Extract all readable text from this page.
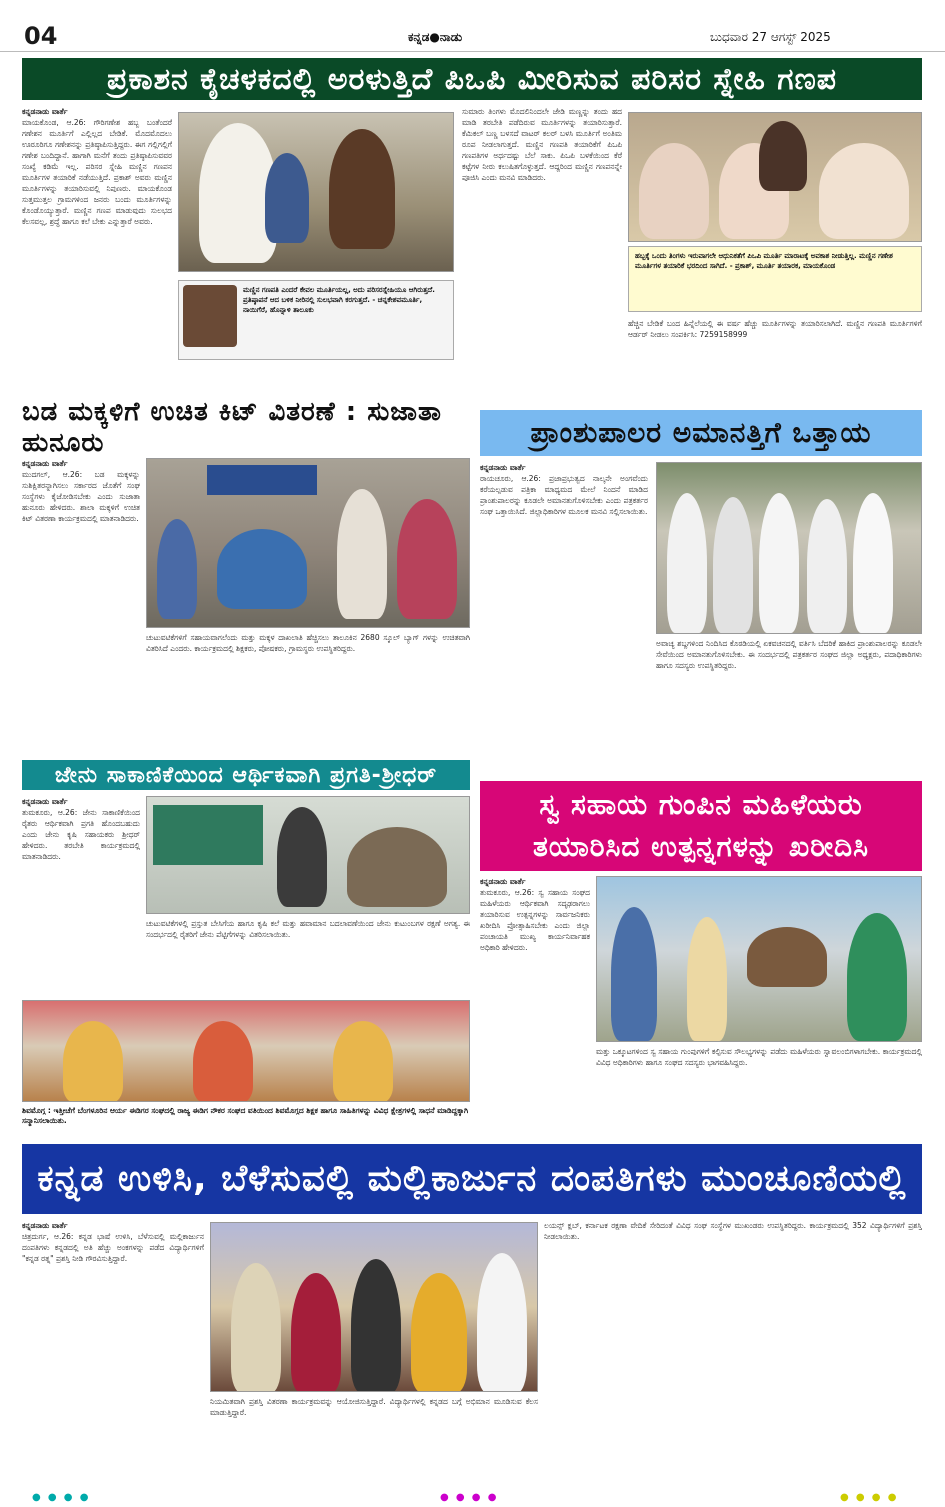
04	ಕನ್ನಡ●ನಾಡು	ಬುಧವಾರ 27 ಆಗಸ್ಟ್ 2025
ಪ್ರಕಾಶನ ಕೈಚಳಕದಲ್ಲಿ ಅರಳುತ್ತಿದೆ ಪಿಒಪಿ ಮೀರಿಸುವ ಪರಿಸರ ಸ್ನೇಹಿ ಗಣಪ
ಕನ್ನಡನಾಡು ವಾರ್ತೆ
ಮಾಯಕೊಂಡ, ಆ.26: ಗೌರಿಗಣೇಶ ಹಬ್ಬ ಬಂತೆಂದರೆ ಗಣೇಶನ ಮೂರ್ತಿಗೆ ಎಲ್ಲಿಲ್ಲದ ಬೇಡಿಕೆ. ಮೊದಮೊದಲು ಊರೂರಿಗೂ ಗಣೇಶನನ್ನು ಪ್ರತಿಷ್ಠಾಪಿಸುತ್ತಿದ್ದರು. ಈಗ ಗಲ್ಲಿಗಲ್ಲಿಗೆ ಗಣೇಶ ಬಂದಿದ್ದಾನೆ. ಹಾಗಾಗಿ ಮನೆಗೆ ತಂದು ಪ್ರತಿಷ್ಠಾಪಿಸುವವರ ಸಂಖ್ಯೆ ಕಡಿಮೆ ಇಲ್ಲ. ಪರಿಸರ ಸ್ನೇಹಿ ಮಣ್ಣಿನ ಗಣಪನ ಮೂರ್ತಿಗಳ ತಯಾರಿಕೆ ನಡೆಯುತ್ತಿದೆ. ಪ್ರಕಾಶ್ ಅವರು ಮಣ್ಣಿನ ಮೂರ್ತಿಗಳನ್ನು ತಯಾರಿಸುವಲ್ಲಿ ನಿಪುಣರು. ಮಾಯಕೊಂಡ ಸುತ್ತಮುತ್ತಲ ಗ್ರಾಮಗಳಿಂದ ಜನರು ಬಂದು ಮೂರ್ತಿಗಳನ್ನು ಕೊಂಡೊಯ್ಯುತ್ತಾರೆ. ಮಣ್ಣಿನ ಗಣಪ ಮಾಡುವುದು ಸುಲಭದ ಕೆಲಸವಲ್ಲ, ಶ್ರದ್ಧೆ ಹಾಗೂ ಕಲೆ ಬೇಕು ಎನ್ನುತ್ತಾರೆ ಅವರು.
ಮಣ್ಣಿನ ಗಣಪತಿ ಎಂದರೆ ಕೇವಲ ಮೂರ್ತಿಯಲ್ಲ, ಅದು ಪರಿಸರಸ್ನೇಹಿಯೂ ಆಗಿರುತ್ತದೆ. ಪ್ರತಿಷ್ಠಾಪನೆ ಆದ ಬಳಿಕ ನೀರಿನಲ್ಲಿ ಸುಲಭವಾಗಿ ಕರಗುತ್ತದೆ. - ಚನ್ನಕೇಶವಮೂರ್ತಿ, ನಾಯಿಗೆರೆ, ಹೊನ್ನಾಳಿ ತಾಲೂಕು
ಸುಮಾರು ತಿಂಗಳು ಮೊದಲಿನಿಂದಲೇ ಜೇಡಿ ಮಣ್ಣನ್ನು ತಂದು ಹದ ಮಾಡಿ ತರಬೇತಿ ಪಡೆದಿರುವ ಮೂರ್ತಿಗಳನ್ನು ತಯಾರಿಸುತ್ತಾರೆ. ಕೆಮಿಕಲ್ ಬಣ್ಣ ಬಳಸದೆ ವಾಟರ್ ಕಲರ್ ಬಳಸಿ ಮೂರ್ತಿಗೆ ಅಂತಿಮ ರೂಪ ನೀಡಲಾಗುತ್ತದೆ. ಮಣ್ಣಿನ ಗಣಪತಿ ತಯಾರಿಕೆಗೆ ಪಿಒಪಿ ಗಣಪತಿಗಳ ಅರ್ಧದಷ್ಟು ಬೆಲೆ ಸಾಕು. ಪಿಒಪಿ ಬಳಕೆಯಿಂದ ಕೆರೆ ಕಟ್ಟೆಗಳ ನೀರು ಕಲುಷಿತಗೊಳ್ಳುತ್ತದೆ. ಆದ್ದರಿಂದ ಮಣ್ಣಿನ ಗಣಪನನ್ನೇ ಪೂಜಿಸಿ ಎಂದು ಮನವಿ ಮಾಡಿದರು.
ಹಬ್ಬಕ್ಕೆ ಒಂದು ತಿಂಗಳು ಇರುವಾಗಲೇ ಆಧುನಿಕತೆಗೆ ಪಿಒಪಿ ಮೂರ್ತಿ ಮಾರಾಟಕ್ಕೆ ಅವಕಾಶ ನೀಡುತ್ತಿಲ್ಲ. ಮಣ್ಣಿನ ಗಣೇಶ ಮೂರ್ತಿಗಳ ತಯಾರಿಕೆ ಭರದಿಂದ ಸಾಗಿದೆ. - ಪ್ರಕಾಶ್, ಮೂರ್ತಿ ತಯಾರಕ, ಮಾಯಕೊಂಡ
ಹೆಚ್ಚಿನ ಬೇಡಿಕೆ ಬಂದ ಹಿನ್ನೆಲೆಯಲ್ಲಿ ಈ ವರ್ಷ ಹೆಚ್ಚು ಮೂರ್ತಿಗಳನ್ನು ತಯಾರಿಸಲಾಗಿದೆ. ಮಣ್ಣಿನ ಗಣಪತಿ ಮೂರ್ತಿಗಳಿಗೆ ಆರ್ಡರ್ ನೀಡಲು ಸಂಪರ್ಕಿಸಿ: 7259158999
ಬಡ ಮಕ್ಕಳಿಗೆ ಉಚಿತ ಕಿಟ್ ವಿತರಣೆ : ಸುಜಾತಾ ಹುನೂರು
ಕನ್ನಡನಾಡು ವಾರ್ತೆ
ಮುದಗಲ್, ಆ.26: ಬಡ ಮಕ್ಕಳನ್ನು ಸುಶಿಕ್ಷಿತರನ್ನಾಗಿಸಲು ಸರ್ಕಾರದ ಜೊತೆಗೆ ಸಂಘ ಸಂಸ್ಥೆಗಳು ಕೈಜೋಡಿಸಬೇಕು ಎಂದು ಸುಜಾತಾ ಹುನೂರು ಹೇಳಿದರು. ಶಾಲಾ ಮಕ್ಕಳಿಗೆ ಉಚಿತ ಕಿಟ್ ವಿತರಣಾ ಕಾರ್ಯಕ್ರಮದಲ್ಲಿ ಮಾತನಾಡಿದರು.
ಚುಟುವಟಿಕೆಗಳಿಗೆ ಸಹಾಯವಾಗಲೆಂದು ಮತ್ತು ಮಕ್ಕಳ ದಾಖಲಾತಿ ಹೆಚ್ಚಿಸಲು ತಾಲೂಕಿನ 2680 ಸ್ಕೂಲ್ ಬ್ಯಾಗ್ ಗಳನ್ನು ಉಚಿತವಾಗಿ ವಿತರಿಸಿದೆ ಎಂದರು. ಕಾರ್ಯಕ್ರಮದಲ್ಲಿ ಶಿಕ್ಷಕರು, ಪೋಷಕರು, ಗ್ರಾಮಸ್ಥರು ಉಪಸ್ಥಿತರಿದ್ದರು.
ಪ್ರಾಂಶುಪಾಲರ ಅಮಾನತ್ತಿಗೆ ಒತ್ತಾಯ
ಕನ್ನಡನಾಡು ವಾರ್ತೆ
ರಾಯಚೂರು, ಆ.26: ಪ್ರಜಾಪ್ರಭುತ್ವದ ನಾಲ್ಕನೇ ಅಂಗವೆಂದು ಕರೆಯಲ್ಪಡುವ ಪತ್ರಿಕಾ ಮಾಧ್ಯಮದ ಮೇಲೆ ನಿಂದನೆ ಮಾಡಿದ ಪ್ರಾಂಶುಪಾಲರನ್ನು ಕೂಡಲೇ ಅಮಾನತುಗೊಳಿಸಬೇಕು ಎಂದು ಪತ್ರಕರ್ತರ ಸಂಘ ಒತ್ತಾಯಿಸಿದೆ. ಜಿಲ್ಲಾಧಿಕಾರಿಗಳ ಮೂಲಕ ಮನವಿ ಸಲ್ಲಿಸಲಾಯಿತು.
ಅವಾಚ್ಯ ಶಬ್ದಗಳಿಂದ ನಿಂದಿಸಿದ ಕೊಠಡಿಯಲ್ಲಿ ಏಕವಚನದಲ್ಲಿ ವರ್ತಿಸಿ ಬೆದರಿಕೆ ಹಾಕಿದ ಪ್ರಾಂಶುಪಾಲರನ್ನು ಕೂಡಲೇ ಸೇವೆಯಿಂದ ಅಮಾನತುಗೊಳಿಸಬೇಕು. ಈ ಸಂದರ್ಭದಲ್ಲಿ ಪತ್ರಕರ್ತರ ಸಂಘದ ಜಿಲ್ಲಾ ಅಧ್ಯಕ್ಷರು, ಪದಾಧಿಕಾರಿಗಳು ಹಾಗೂ ಸದಸ್ಯರು ಉಪಸ್ಥಿತರಿದ್ದರು.
ಜೇನು ಸಾಕಾಣಿಕೆಯಿಂದ ಆರ್ಥಿಕವಾಗಿ ಪ್ರಗತಿ-ಶ್ರೀಧರ್
ಕನ್ನಡನಾಡು ವಾರ್ತೆ
ತುಮಕೂರು, ಆ.26: ಜೇನು ಸಾಕಾಣಿಕೆಯಿಂದ ರೈತರು ಆರ್ಥಿಕವಾಗಿ ಪ್ರಗತಿ ಹೊಂದಬಹುದು ಎಂದು ಜೇನು ಕೃಷಿ ಸಹಾಯಕರು ಶ್ರೀಧರ್ ಹೇಳಿದರು. ತರಬೇತಿ ಕಾರ್ಯಕ್ರಮದಲ್ಲಿ ಮಾತನಾಡಿದರು.
ಚುಟುವಟಿಕೆಗಳಲ್ಲಿ ಪ್ರಸ್ತುತ ಬೇಸಿಗೆಯ ಹಾಗೂ ಕೃಷಿ ಕಲೆ ಮತ್ತು ಹವಾಮಾನ ಬದಲಾವಣೆಯಿಂದ ಜೇನು ಕುಟುಂಬಗಳ ರಕ್ಷಣೆ ಅಗತ್ಯ. ಈ ಸಂದರ್ಭದಲ್ಲಿ ರೈತರಿಗೆ ಜೇನು ಪೆಟ್ಟಿಗೆಗಳನ್ನು ವಿತರಿಸಲಾಯಿತು.
ಶಿವಮೊಗ್ಗ : ಇತ್ತೀಚೆಗೆ ಬೆಂಗಳೂರಿನ ಆರ್ಯ ಈಡಿಗರ ಸಂಘದಲ್ಲಿ ರಾಜ್ಯ ಈಡಿಗ ನೌಕರ ಸಂಘದ ವತಿಯಿಂದ ಶಿವಮೊಗ್ಗದ ಶಿಕ್ಷಕ ಹಾಗೂ ಸಾಹಿತಿಗಳನ್ನು ವಿವಿಧ ಕ್ಷೇತ್ರಗಳಲ್ಲಿ ಸಾಧನೆ ಮಾಡಿದ್ದಕ್ಕಾಗಿ ಸನ್ಮಾನಿಸಲಾಯಿತು.
ಸ್ವ ಸಹಾಯ ಗುಂಪಿನ ಮಹಿಳೆಯರು
ತಯಾರಿಸಿದ ಉತ್ಪನ್ನಗಳನ್ನು ಖರೀದಿಸಿ
ಕನ್ನಡನಾಡು ವಾರ್ತೆ
ತುಮಕೂರು, ಆ.26: ಸ್ವ ಸಹಾಯ ಸಂಘದ ಮಹಿಳೆಯರು ಆರ್ಥಿಕವಾಗಿ ಸದೃಢರಾಗಲು ತಯಾರಿಸುವ ಉತ್ಪನ್ನಗಳನ್ನು ಸಾರ್ವಜನಿಕರು ಖರೀದಿಸಿ ಪ್ರೋತ್ಸಾಹಿಸಬೇಕು ಎಂದು ಜಿಲ್ಲಾ ಪಂಚಾಯತಿ ಮುಖ್ಯ ಕಾರ್ಯನಿರ್ವಾಹಕ ಅಧಿಕಾರಿ ಹೇಳಿದರು.
ಮತ್ತು ಒಕ್ಕೂಟಗಳಿಂದ ಸ್ವ ಸಹಾಯ ಗುಂಪುಗಳಿಗೆ ಕಲ್ಪಿಸುವ ಸೌಲಭ್ಯಗಳನ್ನು ಪಡೆದು ಮಹಿಳೆಯರು ಸ್ವಾವಲಂಬಿಗಳಾಗಬೇಕು. ಕಾರ್ಯಕ್ರಮದಲ್ಲಿ ವಿವಿಧ ಅಧಿಕಾರಿಗಳು ಹಾಗೂ ಸಂಘದ ಸದಸ್ಯರು ಭಾಗವಹಿಸಿದ್ದರು.
ಕನ್ನಡ ಉಳಿಸಿ, ಬೆಳೆಸುವಲ್ಲಿ ಮಲ್ಲಿಕಾರ್ಜುನ ದಂಪತಿಗಳು ಮುಂಚೂಣಿಯಲ್ಲಿ
ಕನ್ನಡನಾಡು ವಾರ್ತೆ
ಚಿತ್ರದುರ್ಗ, ಆ.26: ಕನ್ನಡ ಭಾಷೆ ಉಳಿಸಿ, ಬೆಳೆಸುವಲ್ಲಿ ಮಲ್ಲಿಕಾರ್ಜುನ ದಂಪತಿಗಳು ಕನ್ನಡದಲ್ಲಿ ಅತಿ ಹೆಚ್ಚು ಅಂಕಗಳನ್ನು ಪಡೆದ ವಿದ್ಯಾರ್ಥಿಗಳಿಗೆ "ಕನ್ನಡ ರತ್ನ" ಪ್ರಶಸ್ತಿ ನೀಡಿ ಗೌರವಿಸುತ್ತಿದ್ದಾರೆ.
ನಿಯಮಿತವಾಗಿ ಪ್ರಶಸ್ತಿ ವಿತರಣಾ ಕಾರ್ಯಕ್ರಮವನ್ನು ಆಯೋಜಿಸುತ್ತಿದ್ದಾರೆ. ವಿದ್ಯಾರ್ಥಿಗಳಲ್ಲಿ ಕನ್ನಡದ ಬಗ್ಗೆ ಅಭಿಮಾನ ಮೂಡಿಸುವ ಕೆಲಸ ಮಾಡುತ್ತಿದ್ದಾರೆ.
ಲಯನ್ಸ್ ಕ್ಲಬ್, ಕರ್ನಾಟಕ ರಕ್ಷಣಾ ವೇದಿಕೆ ಸೇರಿದಂತೆ ವಿವಿಧ ಸಂಘ ಸಂಸ್ಥೆಗಳ ಮುಖಂಡರು ಉಪಸ್ಥಿತರಿದ್ದರು. ಕಾರ್ಯಕ್ರಮದಲ್ಲಿ 352 ವಿದ್ಯಾರ್ಥಿಗಳಿಗೆ ಪ್ರಶಸ್ತಿ ನೀಡಲಾಯಿತು.
● ● ● ●	● ● ● ●	● ● ● ●
